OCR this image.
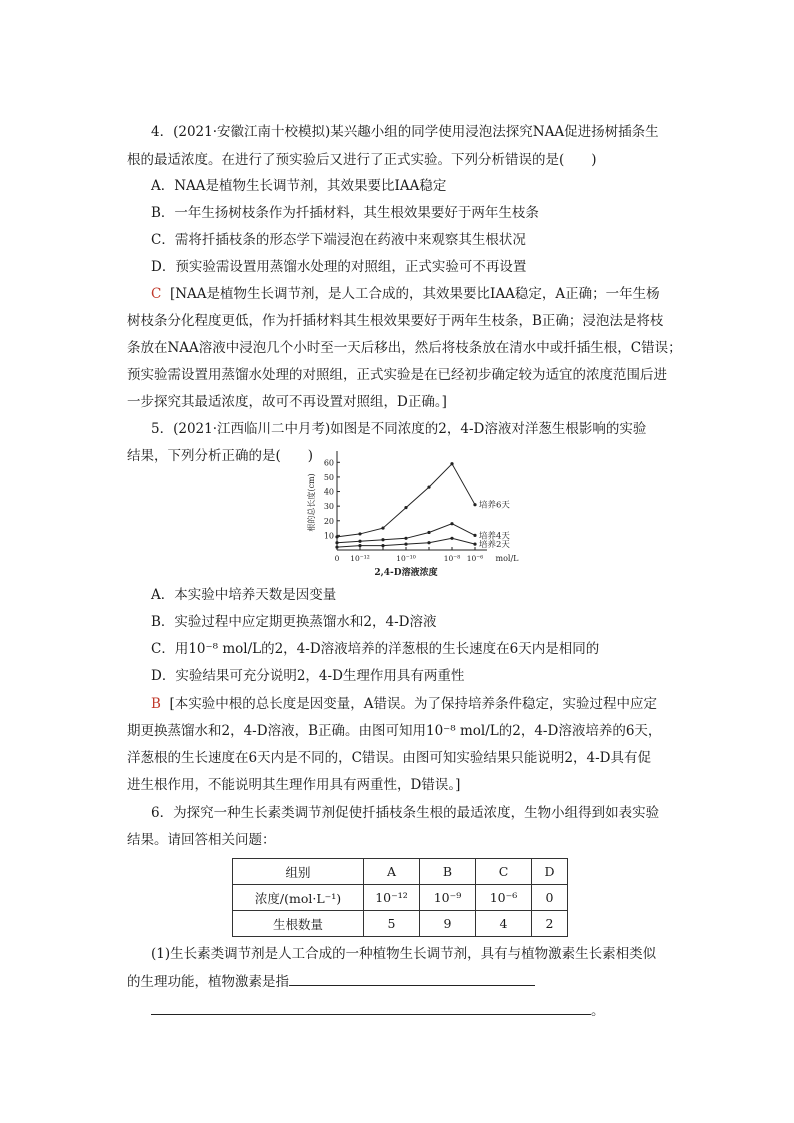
4．(2021·安徽江南十校模拟)某兴趣小组的同学使用浸泡法探究NAA促进扬树插条生
根的最适浓度。在进行了预实验后又进行了正式实验。下列分析错误的是(　　)
A．NAA是植物生长调节剂，其效果要比IAA稳定
B．一年生扬树枝条作为扦插材料，其生根效果要好于两年生枝条
C．需将扦插枝条的形态学下端浸泡在药液中来观察其生根状况
D．预实验需设置用蒸馏水处理的对照组，正式实验可不再设置
C [NAA是植物生长调节剂，是人工合成的，其效果要比IAA稳定，A正确；一年生杨
树枝条分化程度更低，作为扦插材料其生根效果要好于两年生枝条，B正确；浸泡法是将枝
条放在NAA溶液中浸泡几个小时至一天后移出，然后将枝条放在清水中或扦插生根，C错误；
预实验需设置用蒸馏水处理的对照组，正式实验是在已经初步确定较为适宜的浓度范围后进
一步探究其最适浓度，故可不再设置对照组，D正确。]
5．(2021·江西临川二中月考)如图是不同浓度的2，4-D溶液对洋葱生根影响的实验
结果，下列分析正确的是(　　)
10
20
30
40
50
60
0 10⁻¹²	10⁻¹⁰	10⁻⁸ 10⁻⁶ mol/L
2,4-D溶液浓度
根的总长度(cm)	培养6天
培养4天
培养2天
A．本实验中培养天数是因变量
B．实验过程中应定期更换蒸馏水和2，4-D溶液
C．用10⁻⁸ mol/L的2，4-D溶液培养的洋葱根的生长速度在6天内是相同的
D．实验结果可充分说明2，4-D生理作用具有两重性
B [本实验中根的总长度是因变量，A错误。为了保持培养条件稳定，实验过程中应定
期更换蒸馏水和2，4-D溶液，B正确。由图可知用10⁻⁸ mol/L的2，4-D溶液培养的6天，
洋葱根的生长速度在6天内是不同的，C错误。由图可知实验结果只能说明2，4-D具有促
进生根作用，不能说明其生理作用具有两重性，D错误。]
6．为探究一种生长素类调节剂促使扦插枝条生根的最适浓度，生物小组得到如表实验
结果。请回答相关问题：
组别	A	B	C	D
浓度/(mol·L⁻¹)	10⁻¹²	10⁻⁹	10⁻⁶	0
生根数量	5	9	4	2
(1)生长素类调节剂是人工合成的一种植物生长调节剂，具有与植物激素生长素相类似
的生理功能，植物激素是指
。
